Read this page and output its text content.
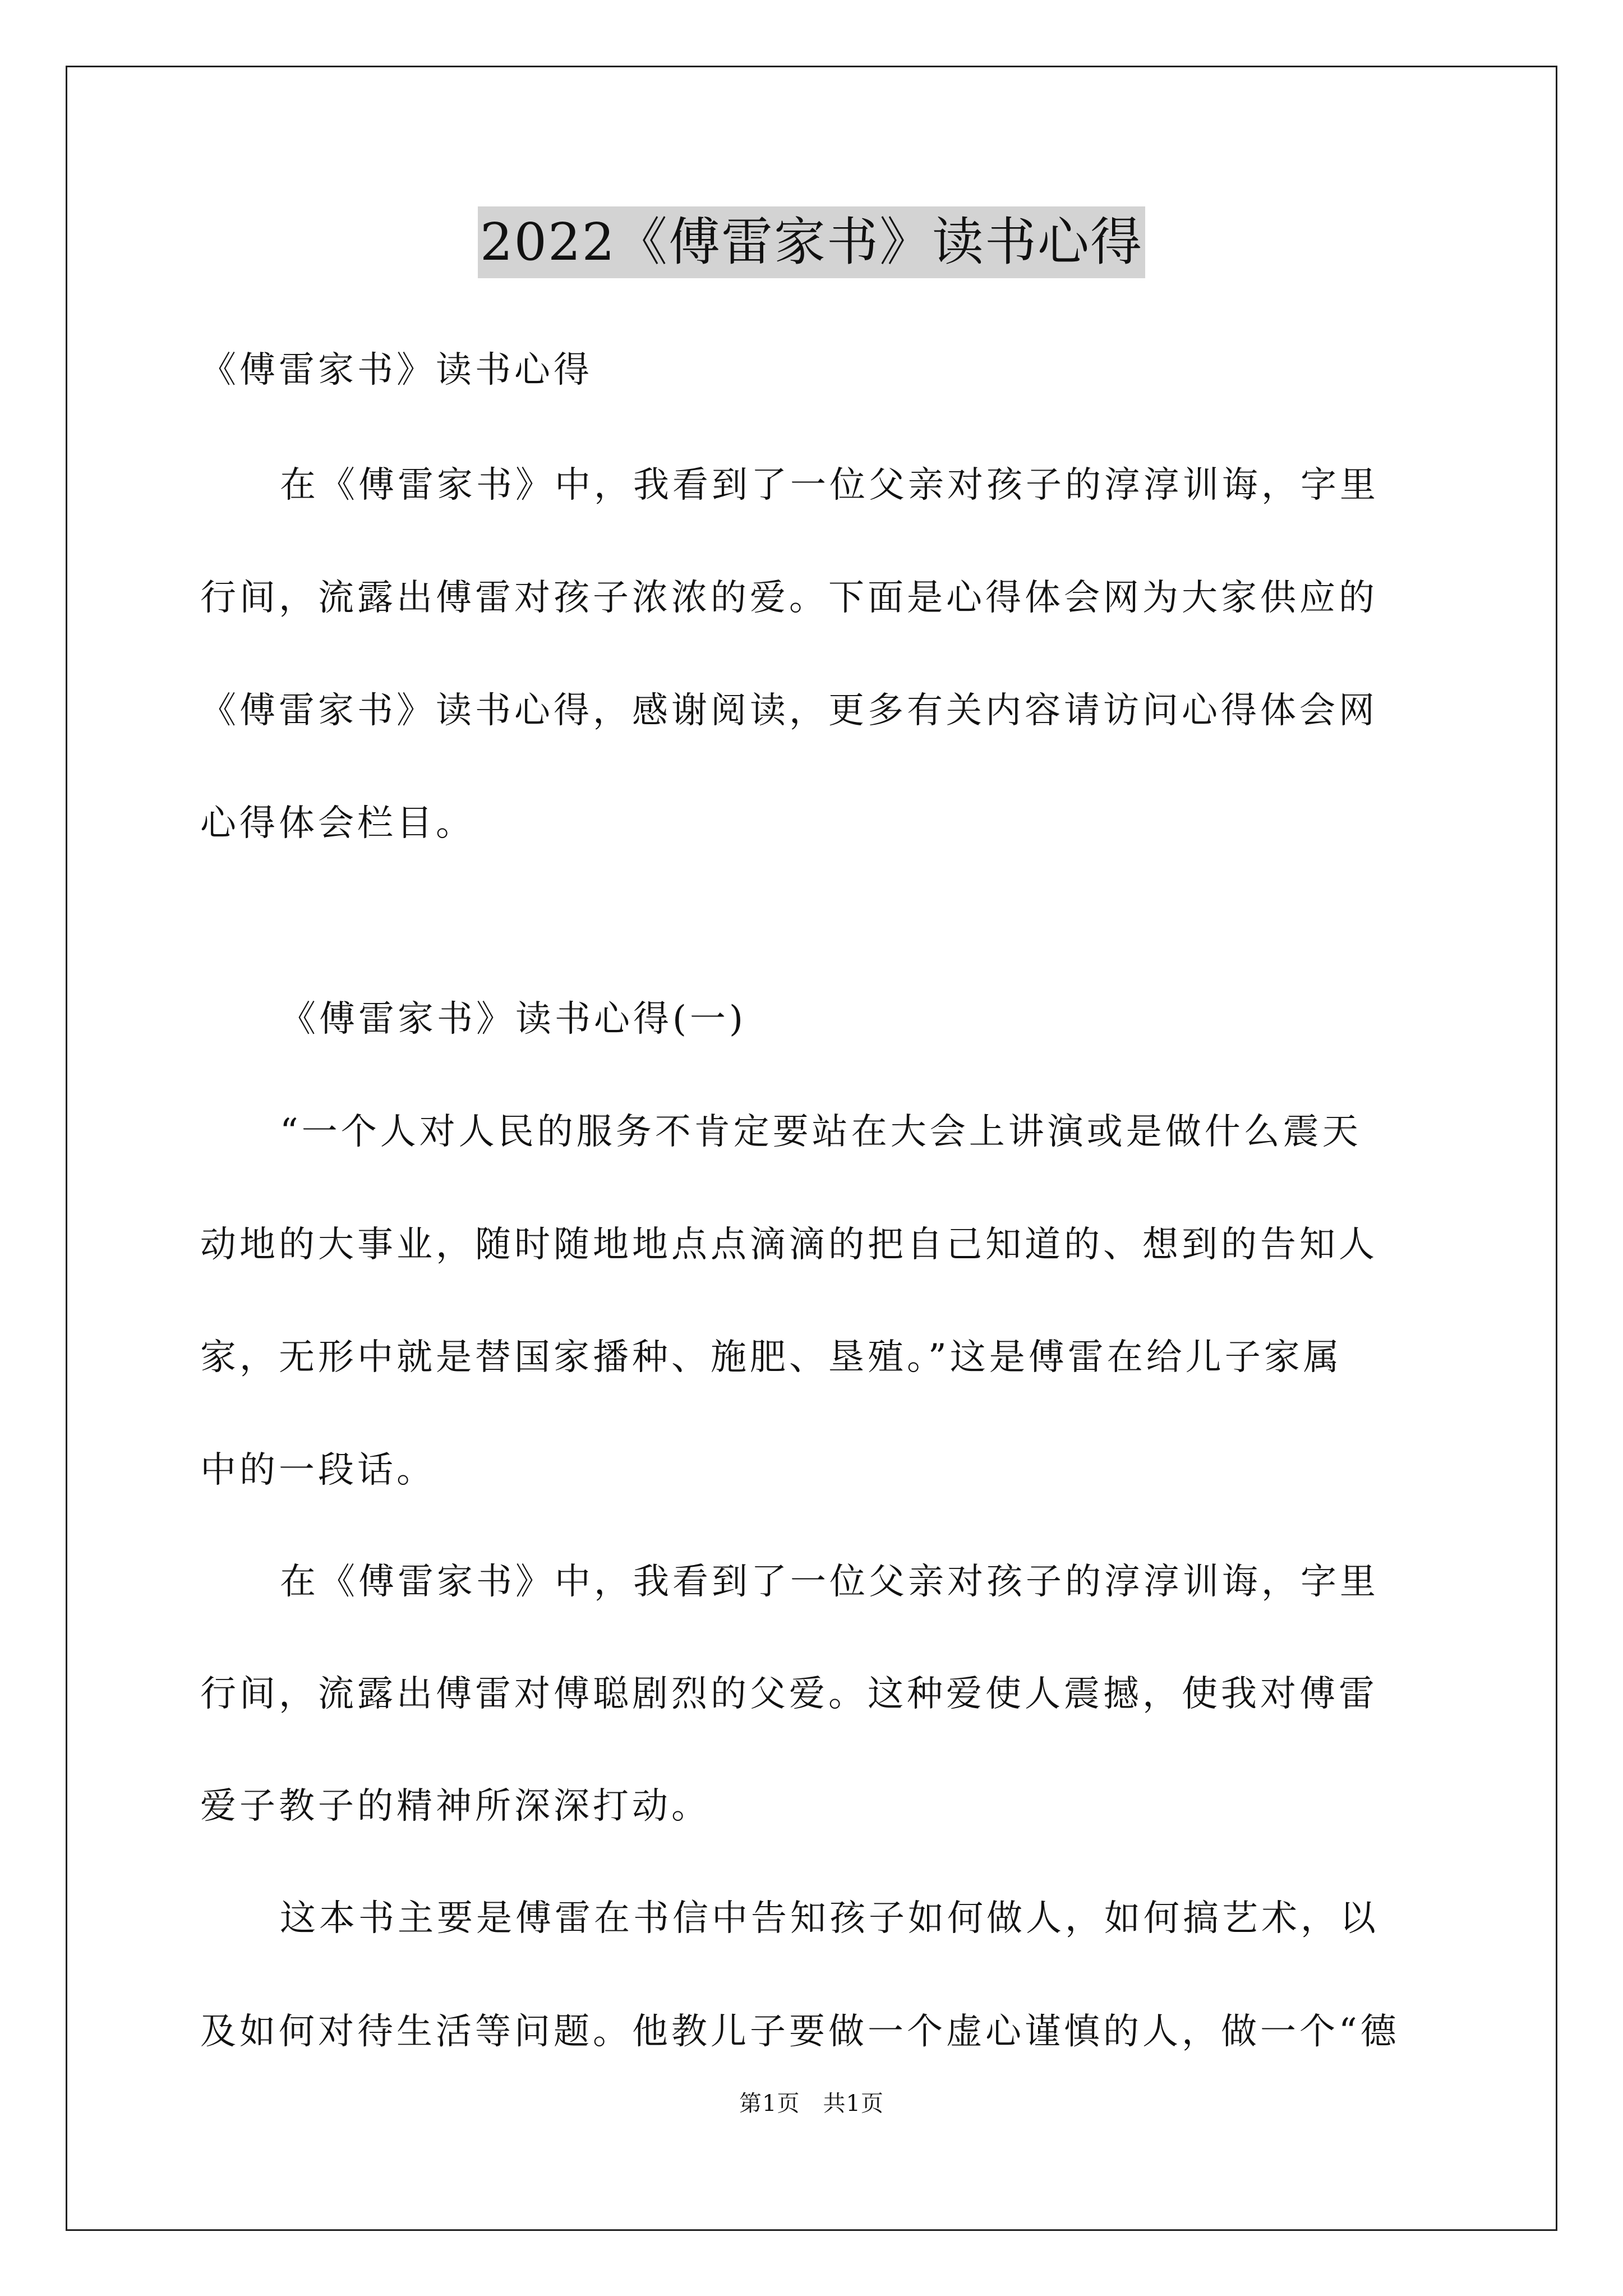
2022《傅雷家书》读书心得
《傅雷家书》读书心得
在《傅雷家书》中，我看到了一位父亲对孩子的淳淳训诲，字里
行间，流露出傅雷对孩子浓浓的爱。下面是心得体会网为大家供应的
《傅雷家书》读书心得，感谢阅读，更多有关内容请访问心得体会网
心得体会栏目。
《傅雷家书》读书心得(一)
“一个人对人民的服务不肯定要站在大会上讲演或是做什么震天
动地的大事业，随时随地地点点滴滴的把自己知道的、想到的告知人
家，无形中就是替国家播种、施肥、垦殖。”这是傅雷在给儿子家属
中的一段话。
在《傅雷家书》中，我看到了一位父亲对孩子的淳淳训诲，字里
行间，流露出傅雷对傅聪剧烈的父爱。这种爱使人震撼，使我对傅雷
爱子教子的精神所深深打动。
这本书主要是傅雷在书信中告知孩子如何做人，如何搞艺术，以
及如何对待生活等问题。他教儿子要做一个虚心谨慎的人，做一个“德
第1页　共1页
